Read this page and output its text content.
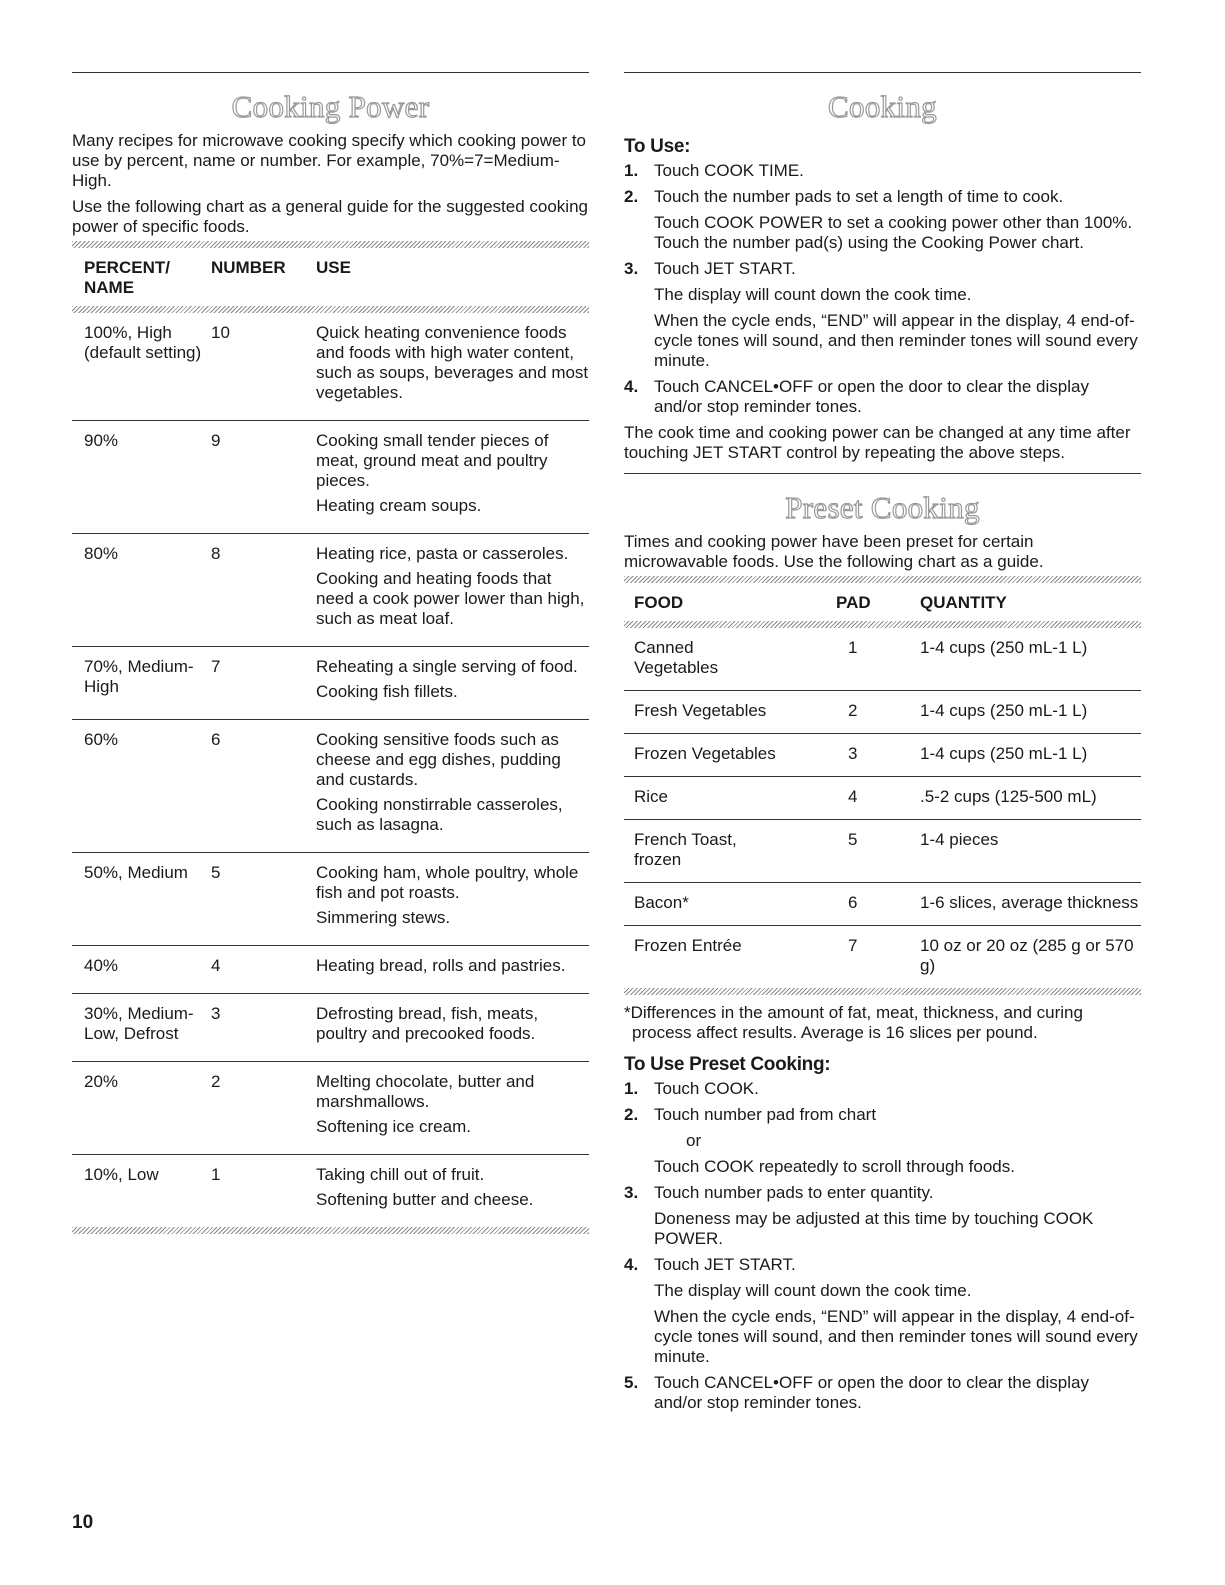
Cooking Power

Many recipes for microwave cooking specify which cooking power to use by percent, name or number. For example, 70%=7=Medium-High.

Use the following chart as a general guide for the suggested cooking power of specific foods.

PERCENT/ NAME	NUMBER	USE

100%, High (default setting)	10	Quick heating convenience foods and foods with high water content, such as soups, beverages and most vegetables.

90%	9	Cooking small tender pieces of meat, ground meat and poultry pieces.
Heating cream soups.

80%	8	Heating rice, pasta or casseroles.
Cooking and heating foods that need a cook power lower than high, such as meat loaf.

70%, Medium-High	7	Reheating a single serving of food.
Cooking fish fillets.

60%	6	Cooking sensitive foods such as cheese and egg dishes, pudding and custards.
Cooking nonstirrable casseroles, such as lasagna.

50%, Medium	5	Cooking ham, whole poultry, whole fish and pot roasts.
Simmering stews.

40%	4	Heating bread, rolls and pastries.

30%, Medium-Low, Defrost	3	Defrosting bread, fish, meats, poultry and precooked foods.

20%	2	Melting chocolate, butter and marshmallows.
Softening ice cream.

10%, Low	1	Taking chill out of fruit.
Softening butter and cheese.
Cooking
To Use:
1. Touch COOK TIME.
2. Touch the number pads to set a length of time to cook.
Touch COOK POWER to set a cooking power other than 100%. Touch the number pad(s) using the Cooking Power chart.
3. Touch JET START.
The display will count down the cook time.
When the cycle ends, “END” will appear in the display, 4 end-of-cycle tones will sound, and then reminder tones will sound every minute.
4. Touch CANCEL•OFF or open the door to clear the display and/or stop reminder tones.

The cook time and cooking power can be changed at any time after touching JET START control by repeating the above steps.

Preset Cooking

Times and cooking power have been preset for certain microwavable foods. Use the following chart as a guide.

FOOD	PAD	QUANTITY

Canned Vegetables	1	1-4 cups (250 mL-1 L)
Fresh Vegetables	2	1-4 cups (250 mL-1 L)
Frozen Vegetables	3	1-4 cups (250 mL-1 L)
Rice	4	.5-2 cups (125-500 mL)
French Toast, frozen	5	1-4 pieces
Bacon*	6	1-6 slices, average thickness
Frozen Entrée	7	10 oz or 20 oz (285 g or 570 g)
*Differences in the amount of fat, meat, thickness, and curing
process affect results. Average is 16 slices per pound.
To Use Preset Cooking:
1. Touch COOK.
2. Touch number pad from chart
or
Touch COOK repeatedly to scroll through foods.
3. Touch number pads to enter quantity.
Doneness may be adjusted at this time by touching COOK POWER.
4. Touch JET START.
The display will count down the cook time.
When the cycle ends, “END” will appear in the display, 4 end-of-cycle tones will sound, and then reminder tones will sound every minute.
5. Touch CANCEL•OFF or open the door to clear the display and/or stop reminder tones.
10
